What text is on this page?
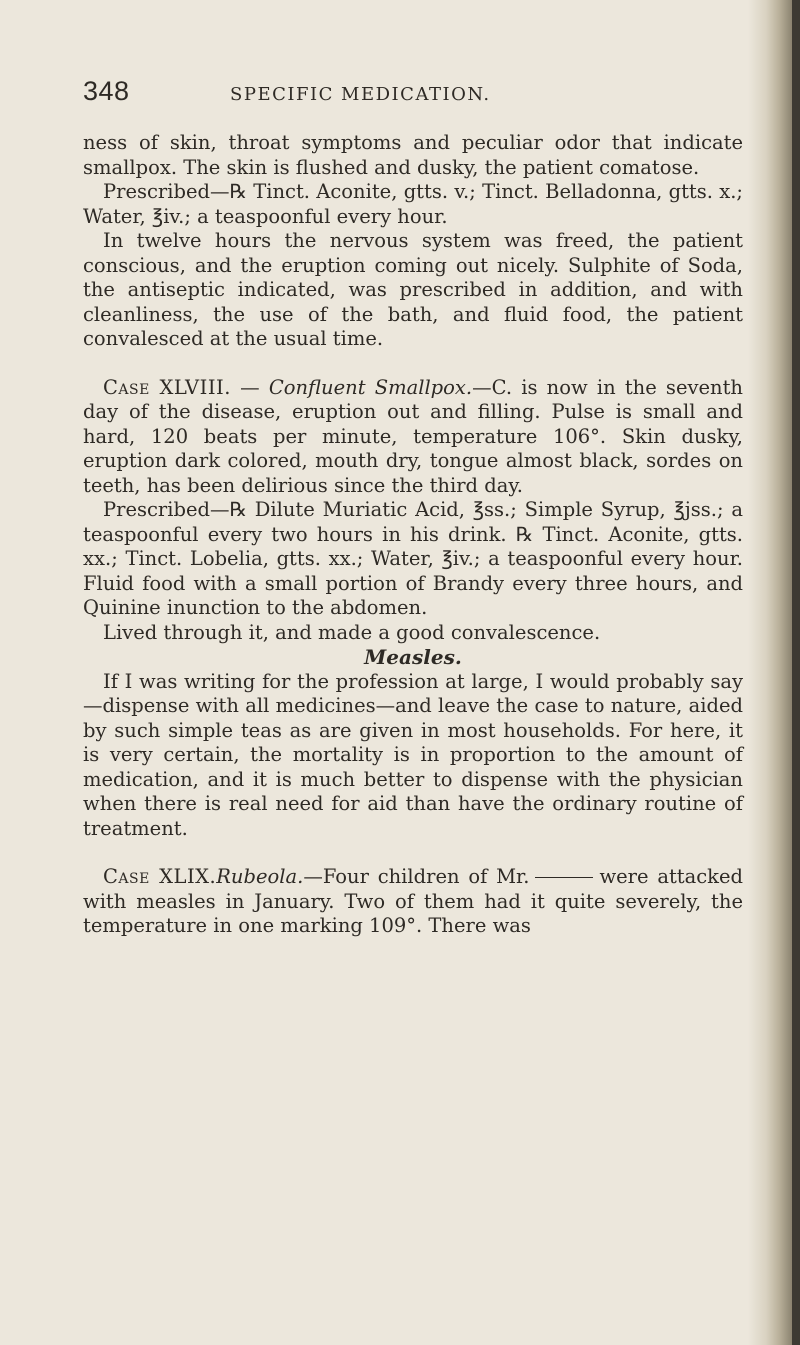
348	SPECIFIC MEDICATION.

ness of skin, throat symptoms and peculiar odor that indicate smallpox. The skin is flushed and dusky, the patient comatose.

Prescribed—℞ Tinct. Aconite, gtts. v.; Tinct. Belladonna, gtts. x.; Water, ℥iv.; a teaspoonful every hour.

In twelve hours the nervous system was freed, the patient conscious, and the eruption coming out nicely. Sulphite of Soda, the antiseptic indicated, was prescribed in addition, and with cleanliness, the use of the bath, and fluid food, the patient convalesced at the usual time.

Case XLVIII. — Confluent Smallpox.—C. is now in the seventh day of the disease, eruption out and filling. Pulse is small and hard, 120 beats per minute, temperature 106°. Skin dusky, eruption dark colored, mouth dry, tongue almost black, sordes on teeth, has been delirious since the third day.

Prescribed—℞ Dilute Muriatic Acid, ℥ss.; Simple Syrup, ℥jss.; a teaspoonful every two hours in his drink. ℞ Tinct. Aconite, gtts. xx.; Tinct. Lobelia, gtts. xx.; Water, ℥iv.; a teaspoonful every hour. Fluid food with a small portion of Brandy every three hours, and Quinine inunction to the abdomen.

Lived through it, and made a good convalescence.

Measles.

If I was writing for the profession at large, I would probably say—dispense with all medicines—and leave the case to nature, aided by such simple teas as are given in most households. For here, it is very certain, the mortality is in proportion to the amount of medication, and it is much better to dispense with the physician when there is real need for aid than have the ordinary routine of treatment.

Case XLIX.Rubeola.—Four children of Mr.	were attacked with measles in January. Two of them had it quite severely, the temperature in one marking 109°. There was
